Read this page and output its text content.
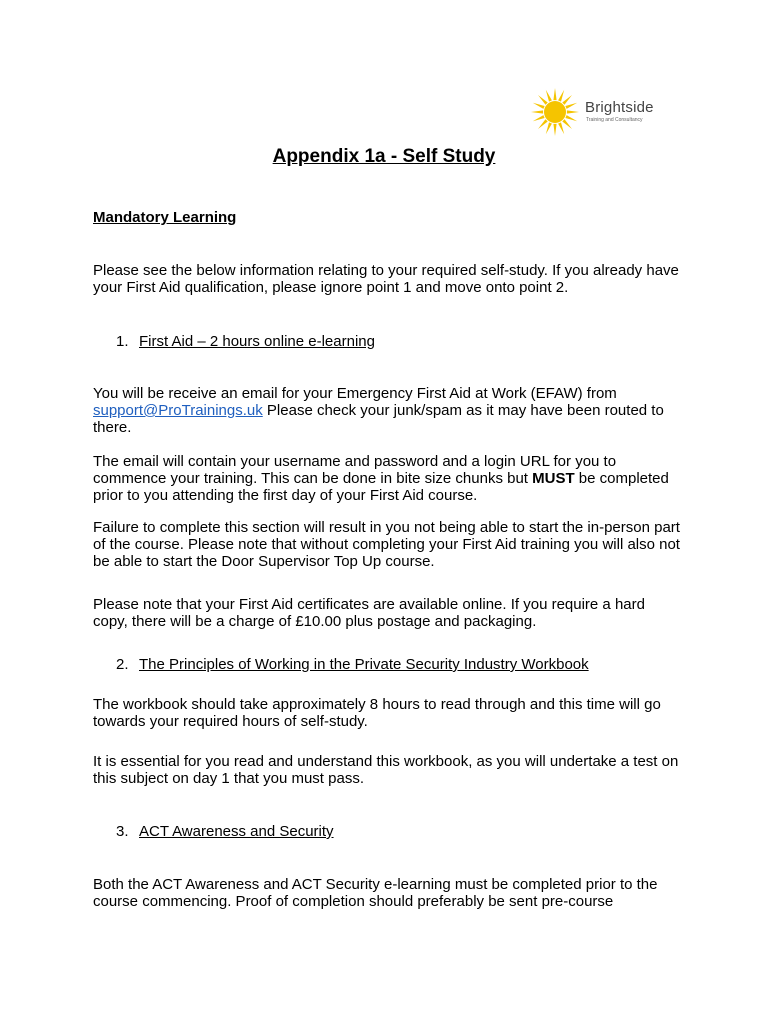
Brightside
Training and Consultancy
Appendix 1a - Self Study
Mandatory Learning

Please see the below information relating to your required self-study. If you already have your First Aid qualification, please ignore point 1 and move onto point 2.

1. First Aid – 2 hours online e-learning

You will be receive an email for your Emergency First Aid at Work (EFAW) from
support@ProTrainings.uk Please check your junk/spam as it may have been routed to there.

The email will contain your username and password and a login URL for you to commence your training. This can be done in bite size chunks but MUST be completed prior to you attending the first day of your First Aid course.

Failure to complete this section will result in you not being able to start the in-person part of the course. Please note that without completing your First Aid training you will also not be able to start the Door Supervisor Top Up course.

Please note that your First Aid certificates are available online. If you require a hard copy, there will be a charge of £10.00 plus postage and packaging.

2. The Principles of Working in the Private Security Industry Workbook

The workbook should take approximately 8 hours to read through and this time will go towards your required hours of self-study.

It is essential for you read and understand this workbook, as you will undertake a test on this subject on day 1 that you must pass.

3. ACT Awareness and Security

Both the ACT Awareness and ACT Security e-learning must be completed prior to the course commencing. Proof of completion should preferably be sent pre-course
